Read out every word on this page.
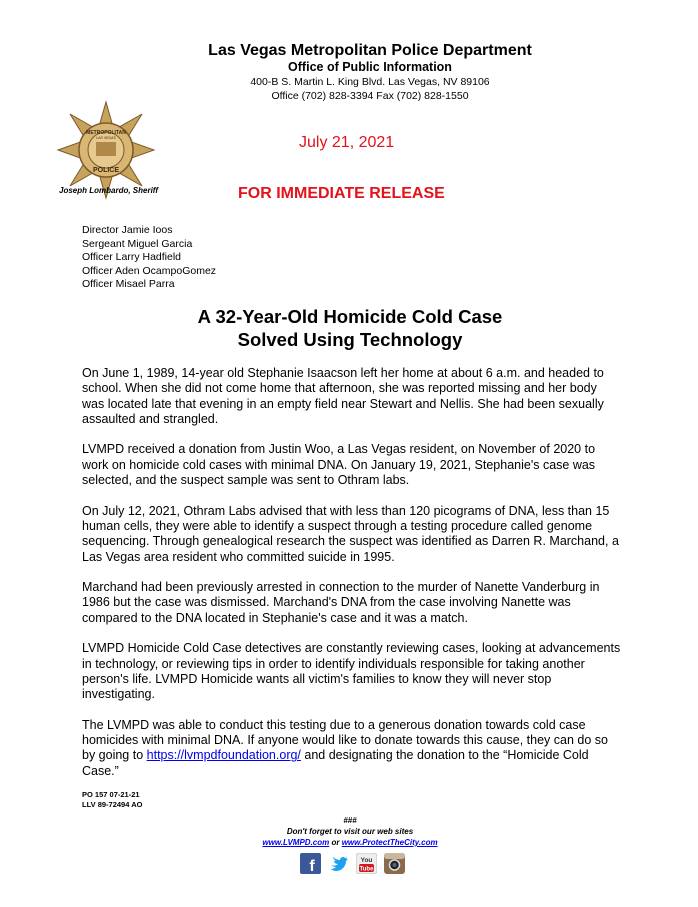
Las Vegas Metropolitan Police Department
Office of Public Information
400-B S. Martin L. King Blvd. Las Vegas, NV 89106
Office (702) 828-3394 Fax (702) 828-1550
METROPOLITAN
POLICE
LAS VEGAS
Joseph Lombardo, Sheriff
July 21, 2021
FOR IMMEDIATE RELEASE
Director Jamie Ioos
Sergeant Miguel Garcia
Officer Larry Hadfield
Officer Aden OcampoGomez
Officer Misael Parra
A 32-Year-Old Homicide Cold Case
Solved Using Technology

On June 1, 1989, 14-year old Stephanie Isaacson left her home at about 6 a.m. and headed to school. When she did not come home that afternoon, she was reported missing and her body was located late that evening in an empty field near Stewart and Nellis. She had been sexually assaulted and strangled.

LVMPD received a donation from Justin Woo, a Las Vegas resident, on November of 2020 to work on homicide cold cases with minimal DNA. On January 19, 2021, Stephanie's case was selected, and the suspect sample was sent to Othram labs.

On July 12, 2021, Othram Labs advised that with less than 120 picograms of DNA, less than 15 human cells, they were able to identify a suspect through a testing procedure called genome sequencing. Through genealogical research the suspect was identified as Darren R. Marchand, a Las Vegas area resident who committed suicide in 1995.

Marchand had been previously arrested in connection to the murder of Nanette Vanderburg in 1986 but the case was dismissed. Marchand's DNA from the case involving Nanette was compared to the DNA located in Stephanie's case and it was a match.

LVMPD Homicide Cold Case detectives are constantly reviewing cases, looking at advancements in technology, or reviewing tips in order to identify individuals responsible for taking another person's life. LVMPD Homicide wants all victim's families to know they will never stop investigating.

The LVMPD was able to conduct this testing due to a generous donation towards cold case homicides with minimal DNA. If anyone would like to donate towards this cause, they can do so by going to https://lvmpdfoundation.org/ and designating the donation to the “Homicide Cold Case.”

PO 157 07-21-21
LLV 89-72494 AO
###
Don't forget to visit our web sites
www.LVMPD.com or www.ProtectTheCity.com
f	You
Tube
